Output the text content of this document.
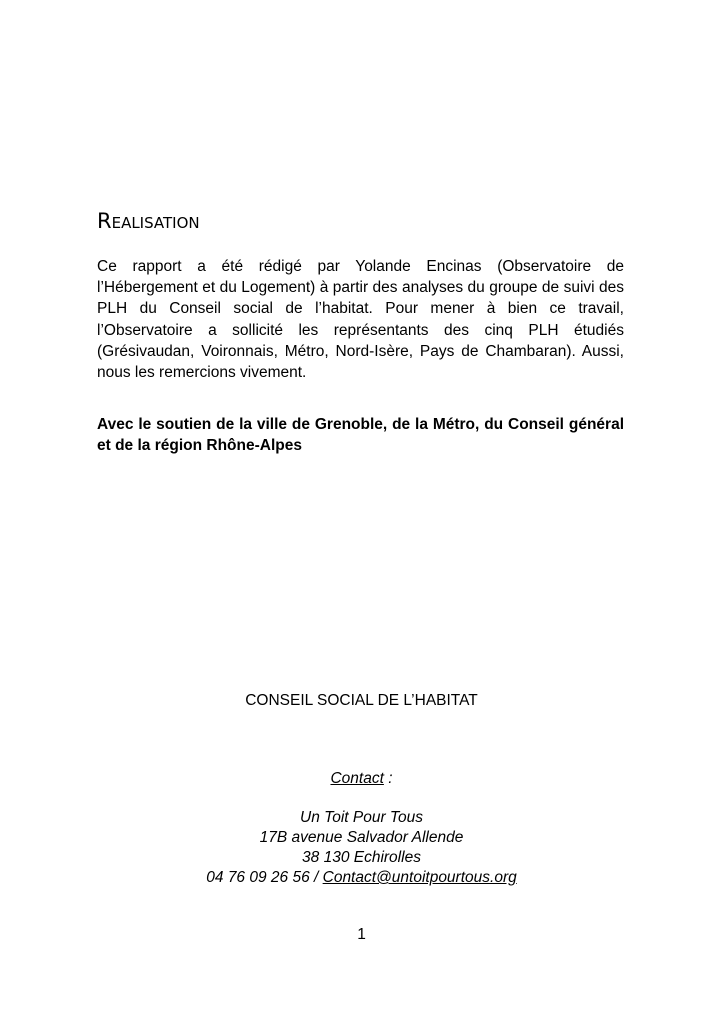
Realisation

Ce rapport a été rédigé par Yolande Encinas (Observatoire de l’Hébergement et du Logement) à partir des analyses du groupe de suivi des PLH du Conseil social de l’habitat. Pour mener à bien ce travail, l’Observatoire a sollicité les représentants des cinq PLH étudiés (Grésivaudan, Voironnais, Métro, Nord-Isère, Pays de Chambaran). Aussi, nous les remercions vivement.

Avec le soutien de la ville de Grenoble, de la Métro, du Conseil général et de la région Rhône-Alpes

CONSEIL SOCIAL DE L’HABITAT

Contact :

Un Toit Pour Tous
17B avenue Salvador Allende
38 130 Echirolles
04 76 09 26 56 / Contact@untoitpourtous.org

1
